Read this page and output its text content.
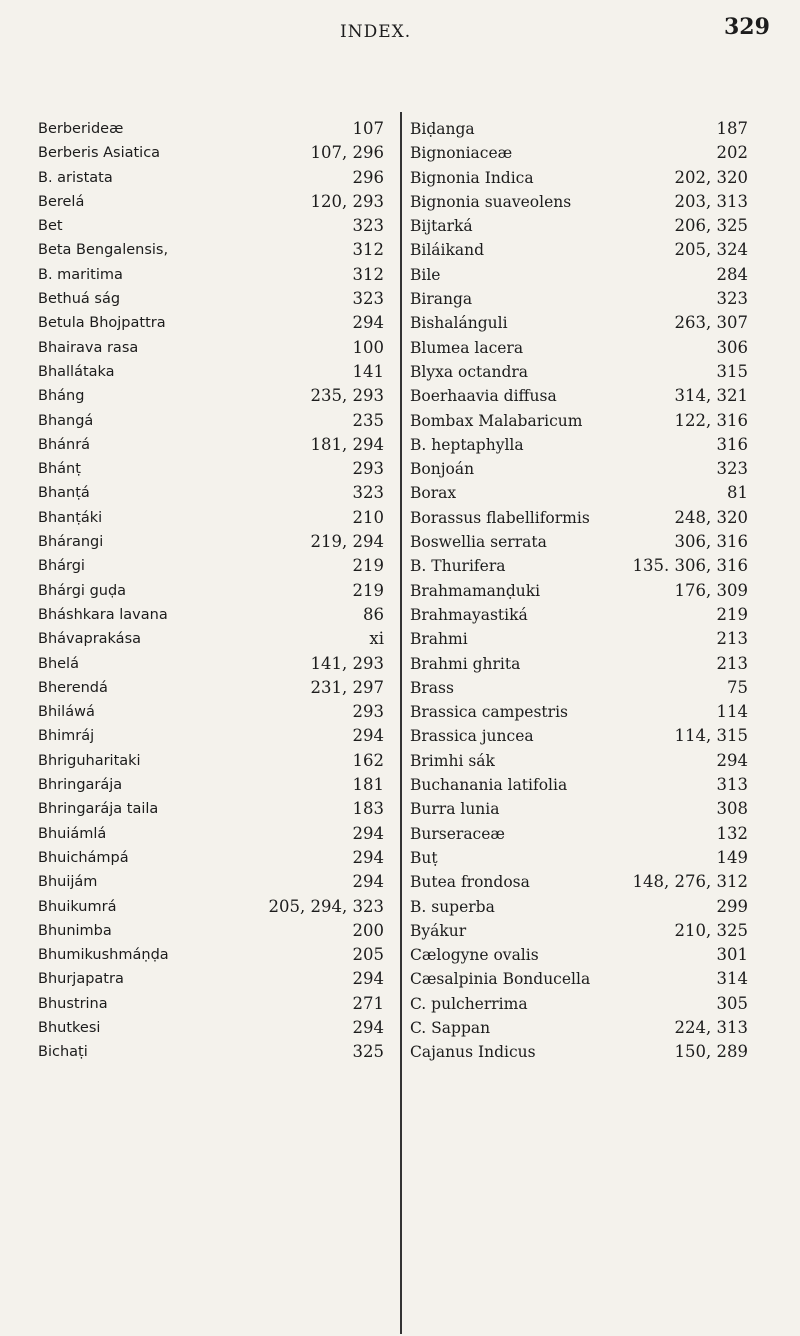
INDEX.	329
Berberideæ	107
Berberis Asiatica	107, 296
B. aristata	296
Berelá	120, 293
Bet	323
Beta Bengalensis,	312
B. maritima	312
Bethuá ság	323
Betula Bhojpattra	294
Bhairava rasa	100
Bhallátaka	141
Bháng	235, 293
Bhangá	235
Bhánrá	181, 294
Bhánṭ	293
Bhanṭá	323
Bhanṭáki	210
Bhárangi	219, 294
Bhárgi	219
Bhárgi guḍa	219
Bháshkara lavana	86
Bhávaprakása	xi
Bhelá	141, 293
Bherendá	231, 297
Bhiláwá	293
Bhimráj	294
Bhriguharitaki	162
Bhringarája	181
Bhringarája taila	183
Bhuiámlá	294
Bhuichámpá	294
Bhuijám	294
Bhuikumrá	205, 294, 323
Bhunimba	200
Bhumikushmáṇḍa	205
Bhurjapatra	294
Bhustrina	271
Bhutkesi	294
Bichaṭi	325
Biḍanga	187
Bignoniaceæ	202
Bignonia Indica	202, 320
Bignonia suaveolens	203, 313
Bijtarká	206, 325
Biláikand	205, 324
Bile	284
Biranga	323
Bishalánguli	263, 307
Blumea lacera	306
Blyxa octandra	315
Boerhaavia diffusa	314, 321
Bombax Malabaricum	122, 316
B. heptaphylla	316
Bonjoán	323
Borax	81
Borassus flabelliformis	248, 320
Boswellia serrata	306, 316
B. Thurifera	135. 306, 316
Brahmamanḍuki	176, 309
Brahmayastiká	219
Brahmi	213
Brahmi ghrita	213
Brass	75
Brassica campestris	114
Brassica juncea	114, 315
Brimhi sák	294
Buchanania latifolia	313
Burra lunia	308
Burseraceæ	132
Buṭ	149
Butea frondosa	148, 276, 312
B. superba	299
Byákur	210, 325
Cælogyne ovalis	301
Cæsalpinia Bonducella	314
C. pulcherrima	305
C. Sappan	224, 313
Cajanus Indicus	150, 289
